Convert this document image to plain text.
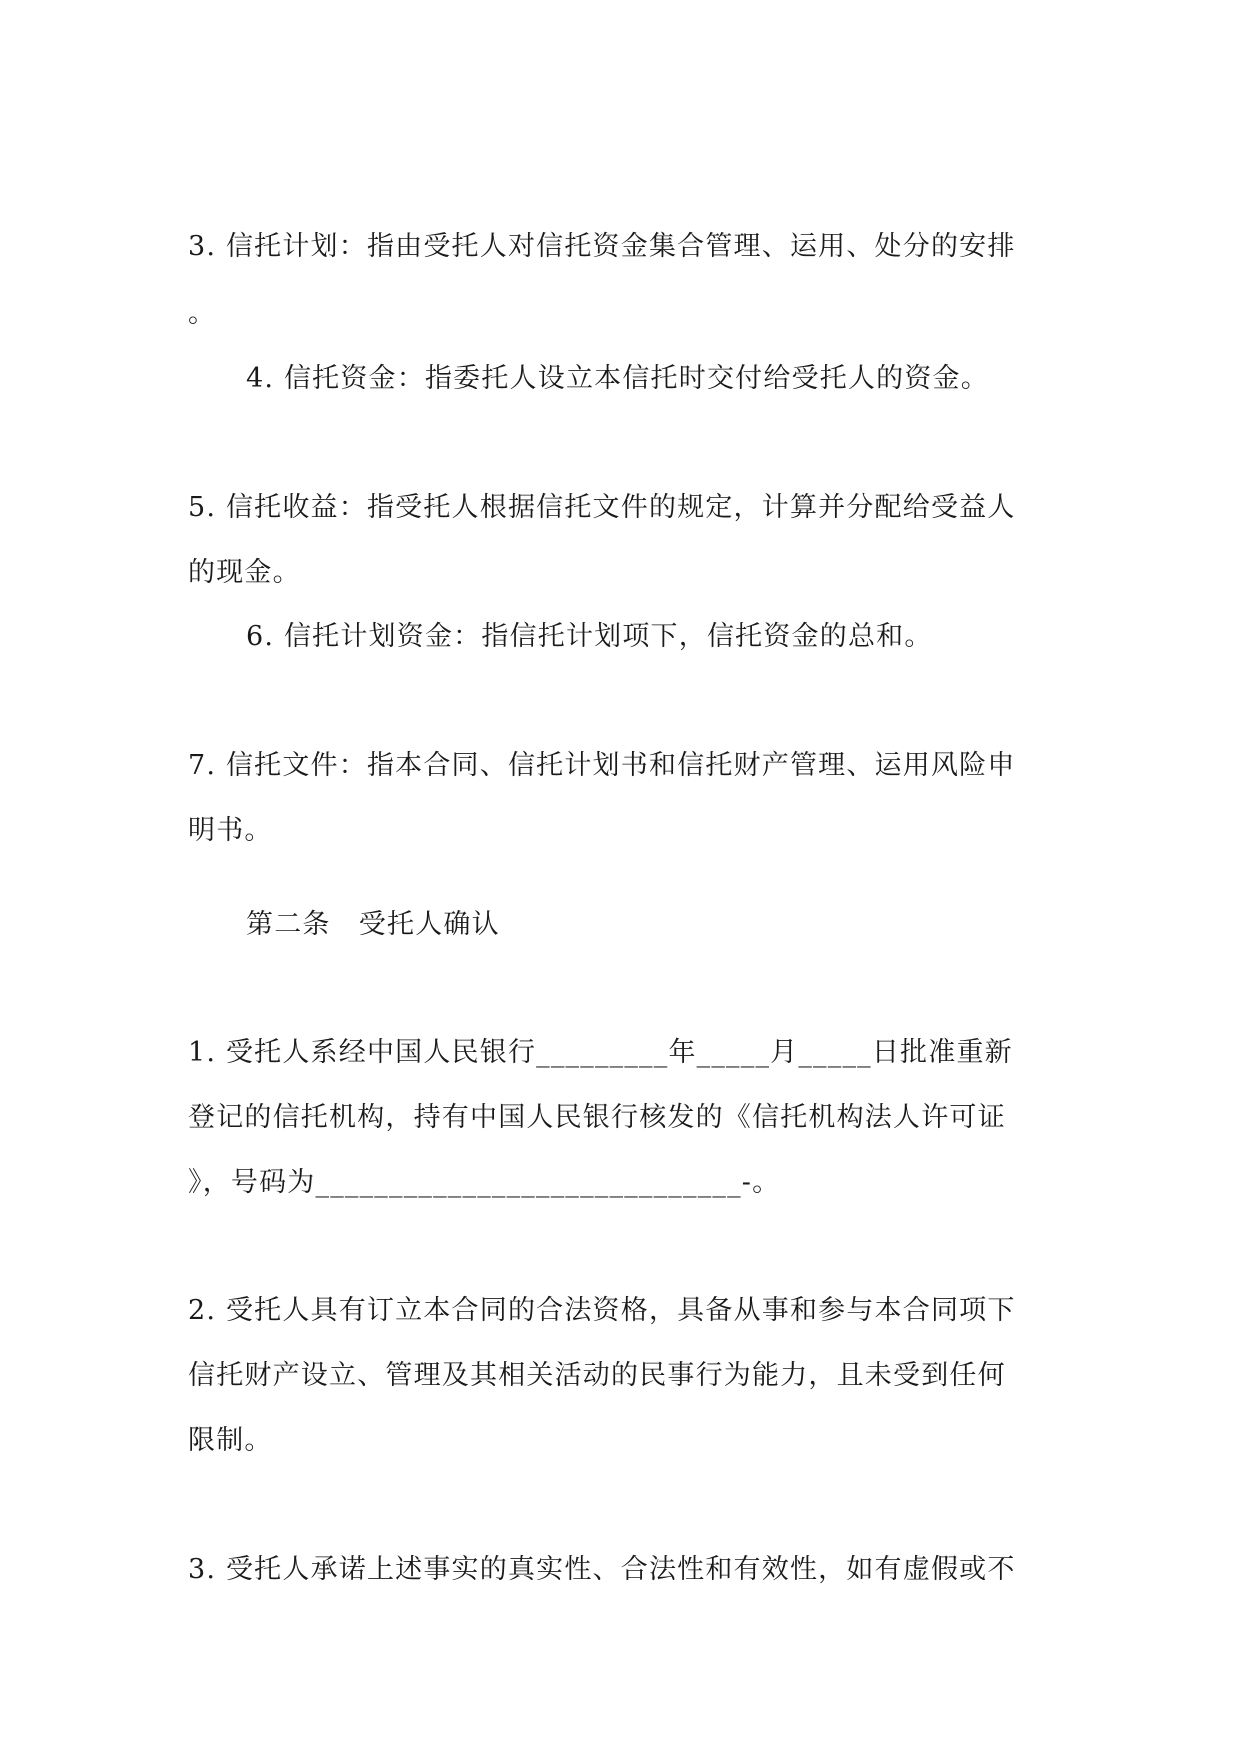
3. 信托计划：指由受托人对信托资金集合管理、运用、处分的安排
。
4. 信托资金：指委托人设立本信托时交付给受托人的资金。
5. 信托收益：指受托人根据信托文件的规定，计算并分配给受益人
的现金。
6. 信托计划资金：指信托计划项下，信托资金的总和。
7. 信托文件：指本合同、信托计划书和信托财产管理、运用风险申
明书。
第二条　受托人确认
1. 受托人系经中国人民银行_________年_____月_____日批准重新
登记的信托机构，持有中国人民银行核发的《信托机构法人许可证
》，号码为_____________________________-。
2. 受托人具有订立本合同的合法资格，具备从事和参与本合同项下
信托财产设立、管理及其相关活动的民事行为能力，且未受到任何
限制。
3. 受托人承诺上述事实的真实性、合法性和有效性，如有虚假或不
